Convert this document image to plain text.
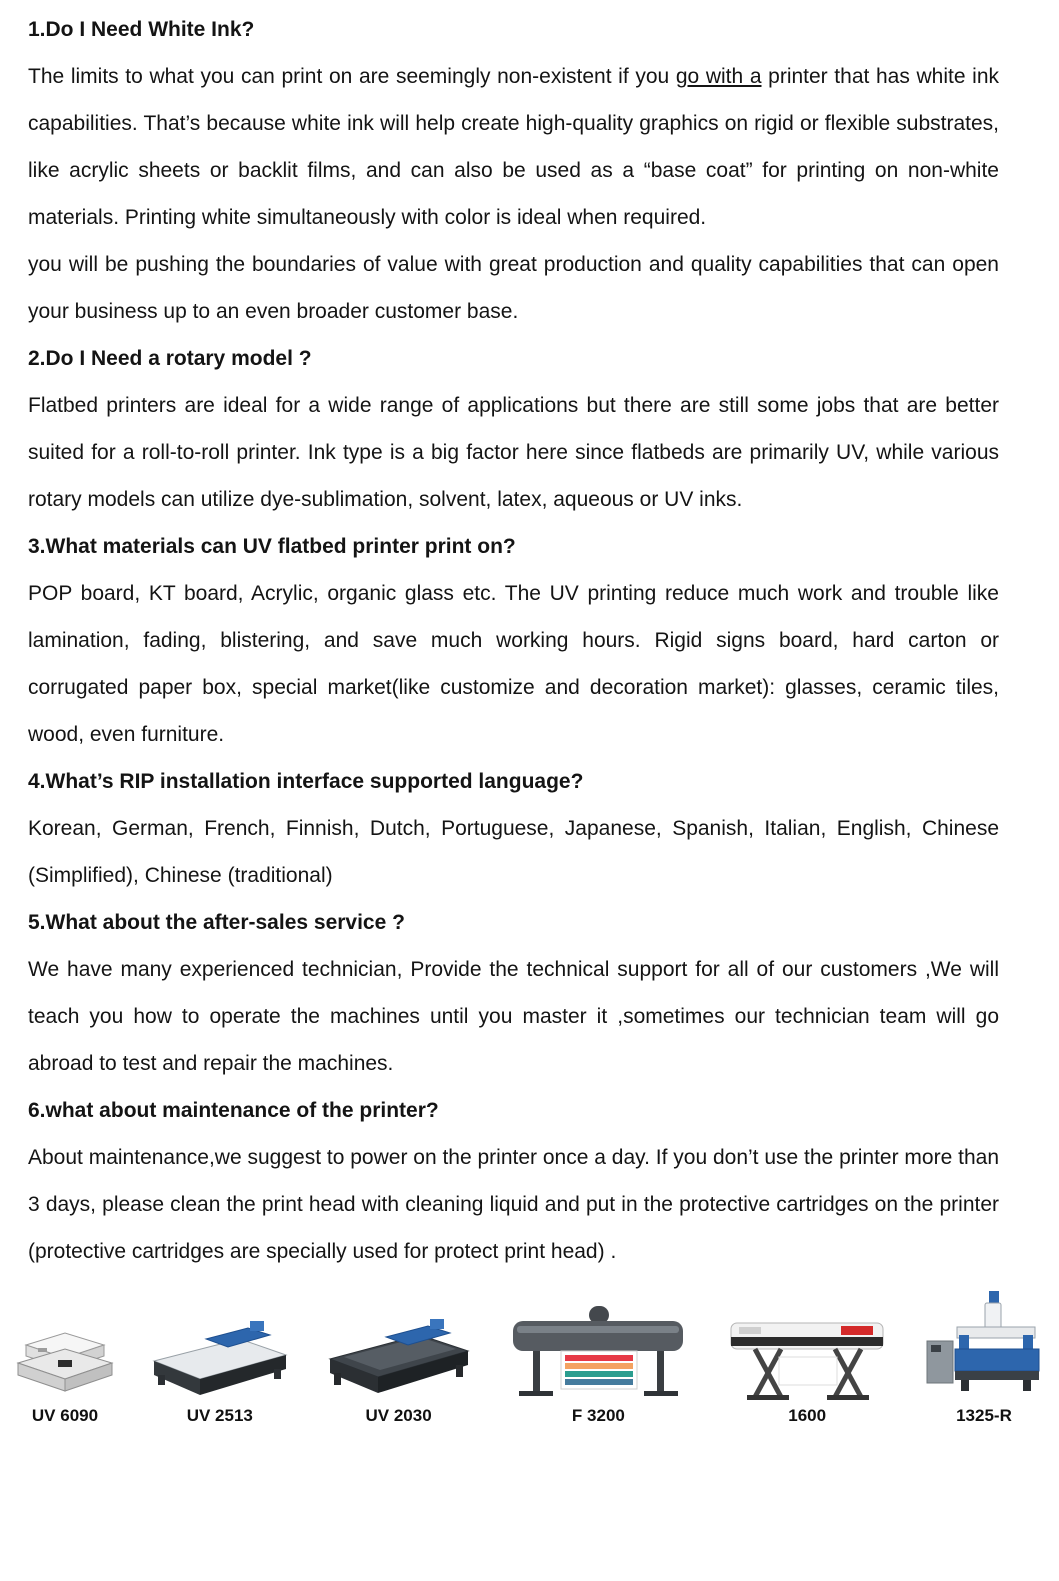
1.Do I Need White Ink?

The limits to what you can print on are seemingly non-existent if you go with a printer that has white ink capabilities. That’s because white ink will help create high-quality graphics on rigid or flexible substrates, like acrylic sheets or backlit films, and can also be used as a “base coat” for printing on non-white materials. Printing white simultaneously with color is ideal when required.

you will be pushing the boundaries of value with great production and quality capabilities that can open your business up to an even broader customer base.

2.Do I Need a rotary model ?

Flatbed printers are ideal for a wide range of applications but there are still some jobs that are better suited for a roll-to-roll printer. Ink type is a big factor here since flatbeds are primarily UV, while various rotary models can utilize dye-sublimation, solvent, latex, aqueous or UV inks.

3.What materials can UV flatbed printer print on?

POP board, KT board, Acrylic, organic glass etc. The UV printing reduce much work and trouble like lamination, fading, blistering, and save much working hours. Rigid signs board, hard carton or corrugated paper box, special market(like customize and decoration market): glasses, ceramic tiles, wood, even furniture.

4.What’s RIP installation interface supported language?

Korean, German, French, Finnish, Dutch, Portuguese, Japanese, Spanish, Italian, English, Chinese (Simplified), Chinese (traditional)

5.What about the after-sales service ?

We have many experienced technician, Provide the technical support for all of our customers ,We will teach you how to operate the machines until you master it ,sometimes our technician team will go abroad to test and repair the machines.

6.what about maintenance of the printer?

About maintenance,we suggest to power on the printer once a day. If you don’t use the printer more than 3 days, please clean the print head with cleaning liquid and put in the protective cartridges on the printer (protective cartridges are specially used for protect print head) .

UV 6090	UV 2513	UV 2030	F 3200	1600	1325-R
